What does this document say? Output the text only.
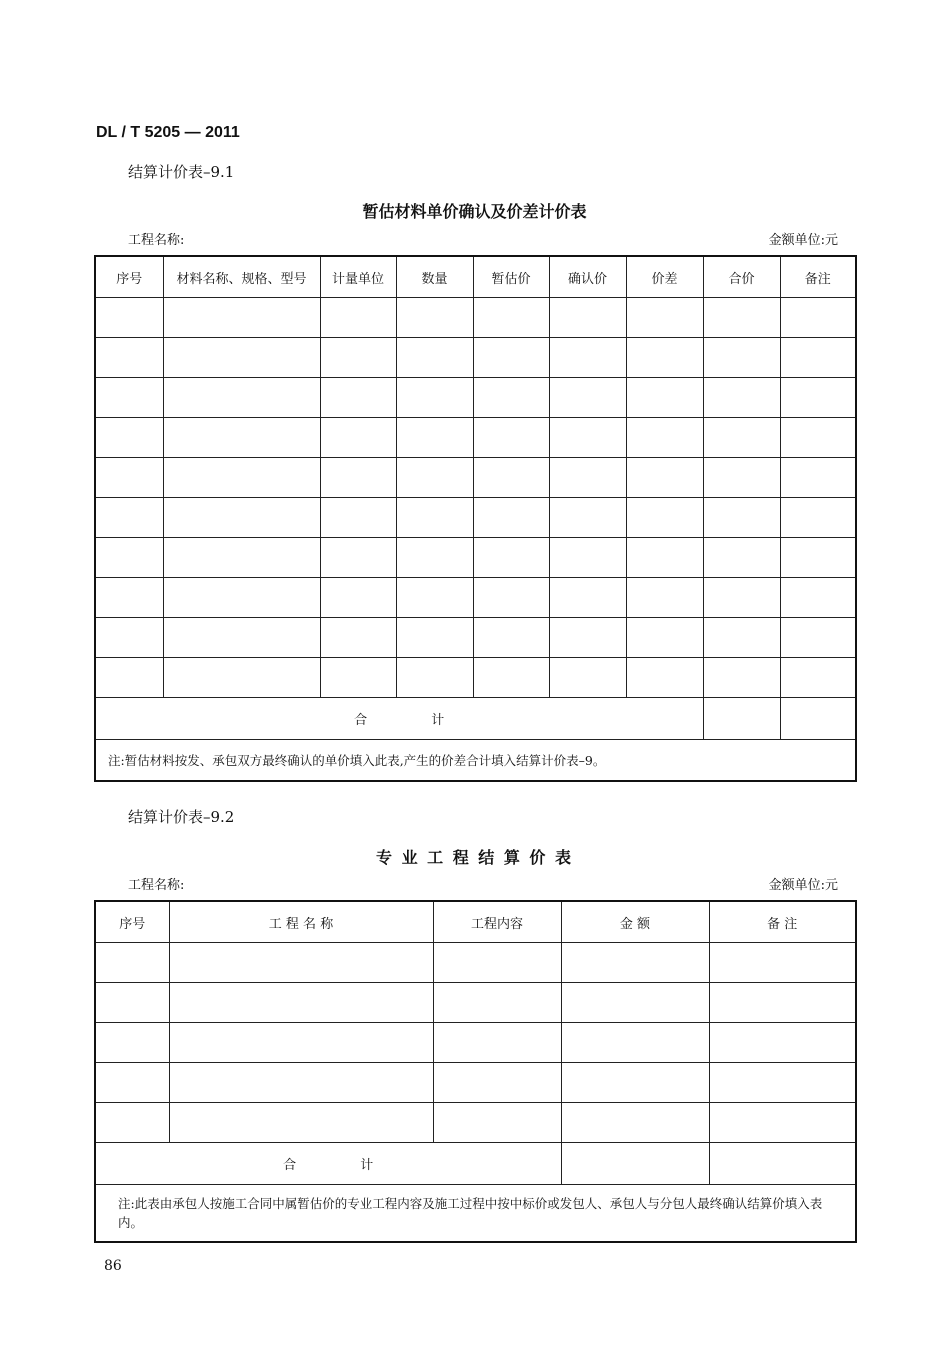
DL / T 5205 — 2011
结算计价表–9.1
暂估材料单价确认及价差计价表
工程名称:	金额单位:元
序号	材料名称、规格、型号	计量单位	数量	暂估价	确认价	价差	合价	备注

合 计								
注:暂估材料按发、承包双方最终确认的单价填入此表,产生的价差合计填入结算计价表–9。								
结算计价表–9.2
专 业 工 程 结 算 价 表
工程名称:	金额单位:元
序号	工 程 名 称	工程内容	金 额	备 注

合 计				
注:此表由承包人按施工合同中属暂估价的专业工程内容及施工过程中按中标价或发包人、承包人与分包人最终确认结算价填入表内。				
86
